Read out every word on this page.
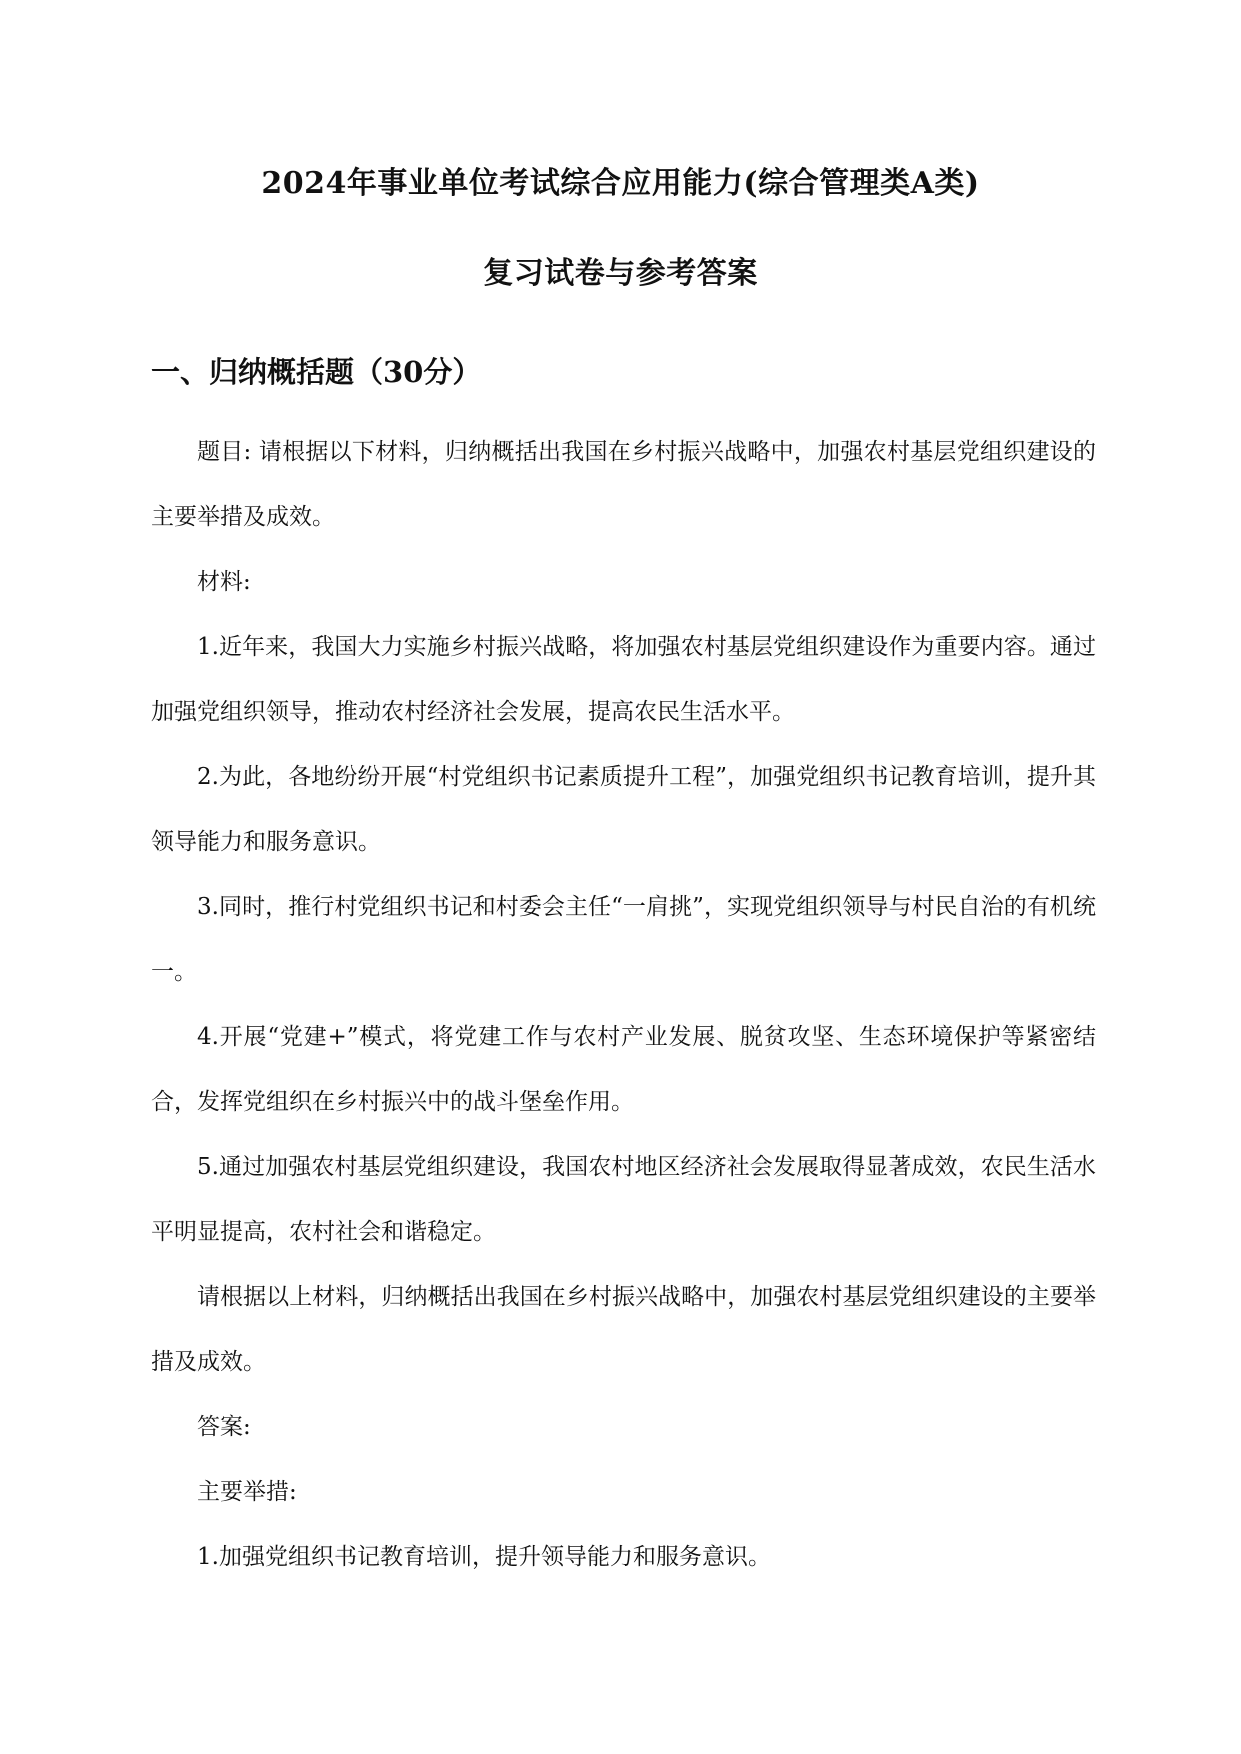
2024年事业单位考试综合应用能力(综合管理类A类)
复习试卷与参考答案
一、归纳概括题（30分）

题目: 请根据以下材料，归纳概括出我国在乡村振兴战略中，加强农村基层党组织建设的主要举措及成效。

材料:

1.近年来，我国大力实施乡村振兴战略，将加强农村基层党组织建设作为重要内容。通过加强党组织领导，推动农村经济社会发展，提高农民生活水平。

2.为此，各地纷纷开展“村党组织书记素质提升工程”，加强党组织书记教育培训，提升其领导能力和服务意识。

3.同时，推行村党组织书记和村委会主任“一肩挑”，实现党组织领导与村民自治的有机统一。

4.开展“党建+”模式，将党建工作与农村产业发展、脱贫攻坚、生态环境保护等紧密结合，发挥党组织在乡村振兴中的战斗堡垒作用。

5.通过加强农村基层党组织建设，我国农村地区经济社会发展取得显著成效，农民生活水平明显提高，农村社会和谐稳定。

请根据以上材料，归纳概括出我国在乡村振兴战略中，加强农村基层党组织建设的主要举措及成效。

答案:

主要举措:

1.加强党组织书记教育培训，提升领导能力和服务意识。
